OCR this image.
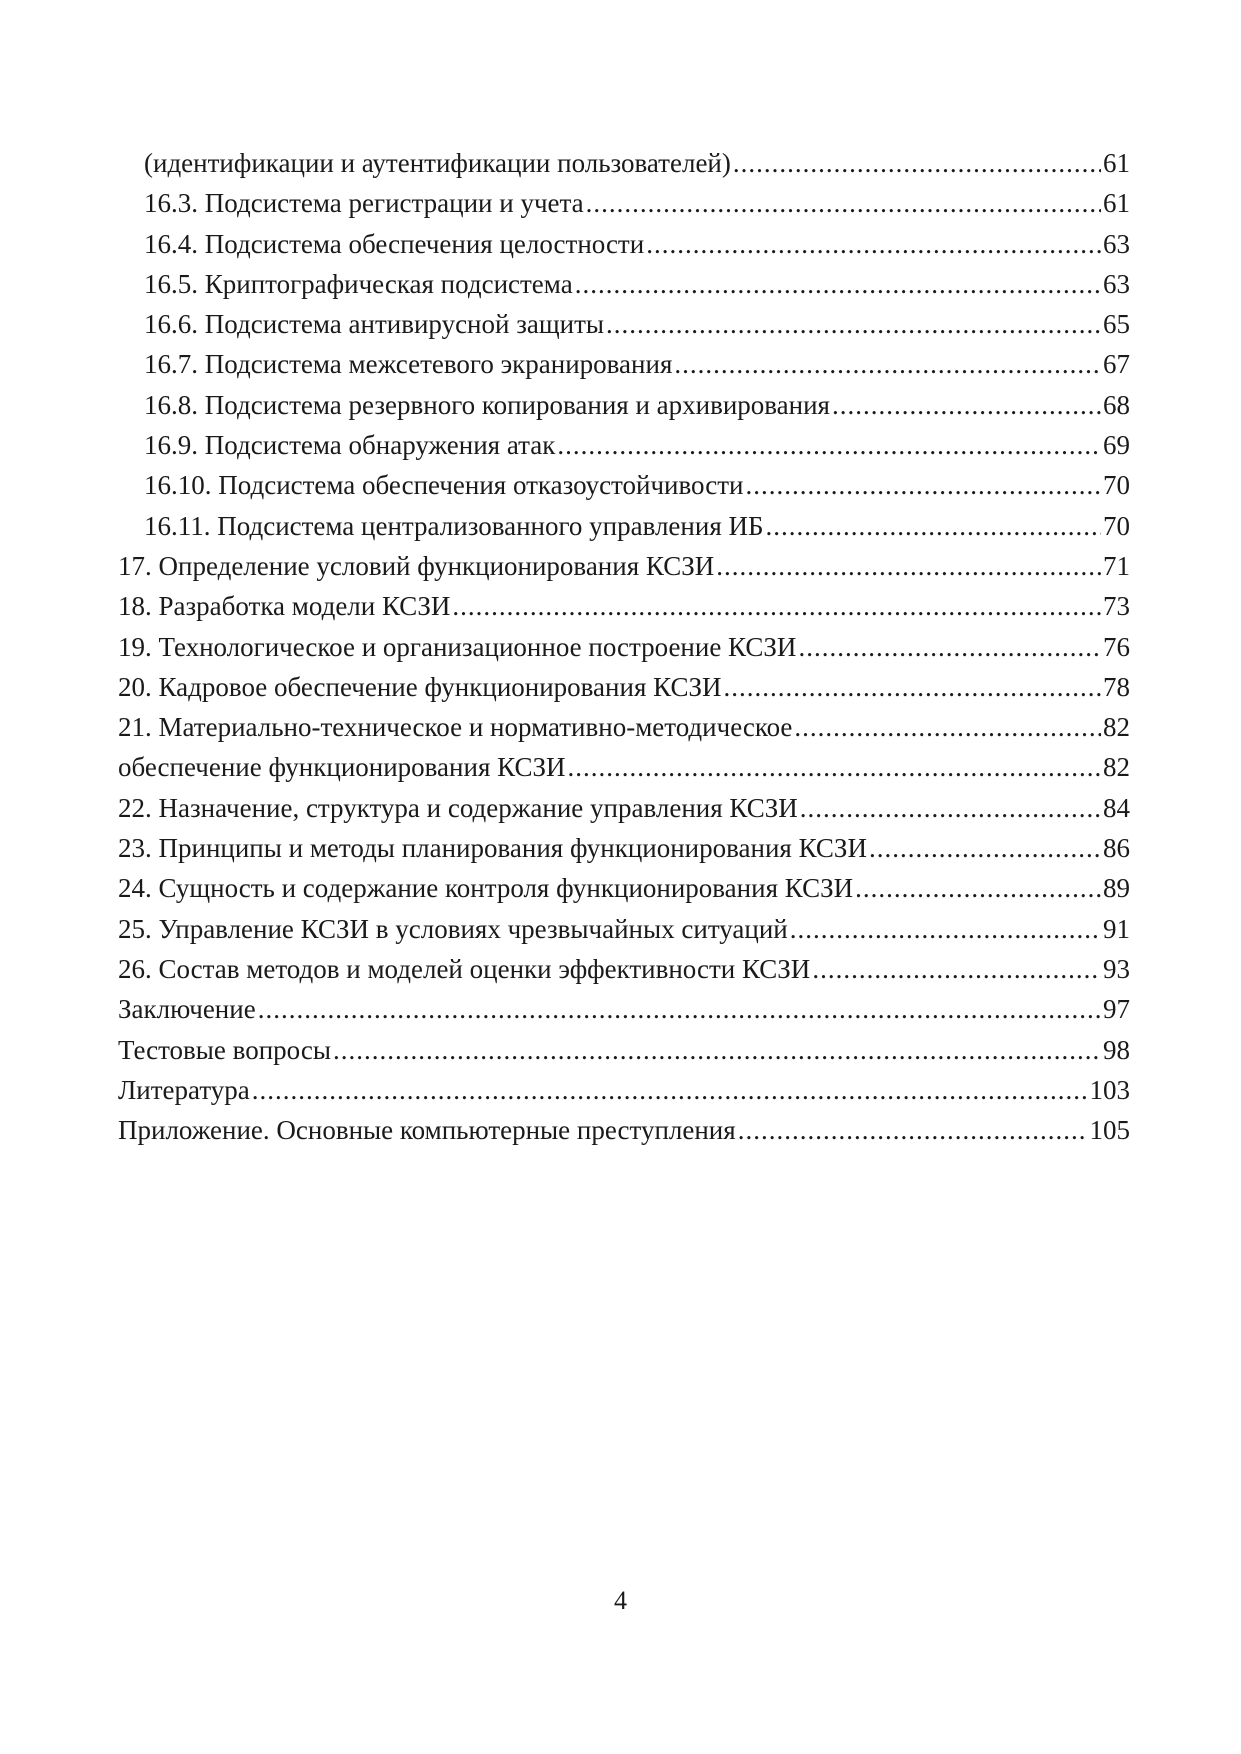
(идентификации и аутентификации пользователей) .....	61
16.3. Подсистема регистрации и учета .....	61
16.4. Подсистема обеспечения целостности .....	63
16.5. Криптографическая подсистема .....	63
16.6. Подсистема антивирусной защиты .....	65
16.7. Подсистема межсетевого экранирования .....	67
16.8. Подсистема резервного копирования и архивирования .....	68
16.9. Подсистема обнаружения атак .....	69
16.10. Подсистема обеспечения отказоустойчивости .....	70
16.11. Подсистема централизованного управления ИБ .....	70
17. Определение условий функционирования КСЗИ .....	71
18. Разработка модели КСЗИ .....	73
19. Технологическое и организационное построение КСЗИ .....	76
20. Кадровое обеспечение функционирования КСЗИ .....	78
21. Материально-техническое и нормативно-методическое .....	82
обеспечение функционирования КСЗИ .....	82
22. Назначение, структура и содержание управления КСЗИ .....	84
23. Принципы и методы планирования функционирования КСЗИ .....	86
24. Сущность и содержание контроля функционирования КСЗИ .....	89
25. Управление КСЗИ в условиях чрезвычайных ситуаций .....	91
26. Состав методов и моделей оценки эффективности КСЗИ .....	93
Заключение .....	97
Тестовые вопросы .....	98
Литература .....	103
Приложение. Основные компьютерные преступления .....	105
4
